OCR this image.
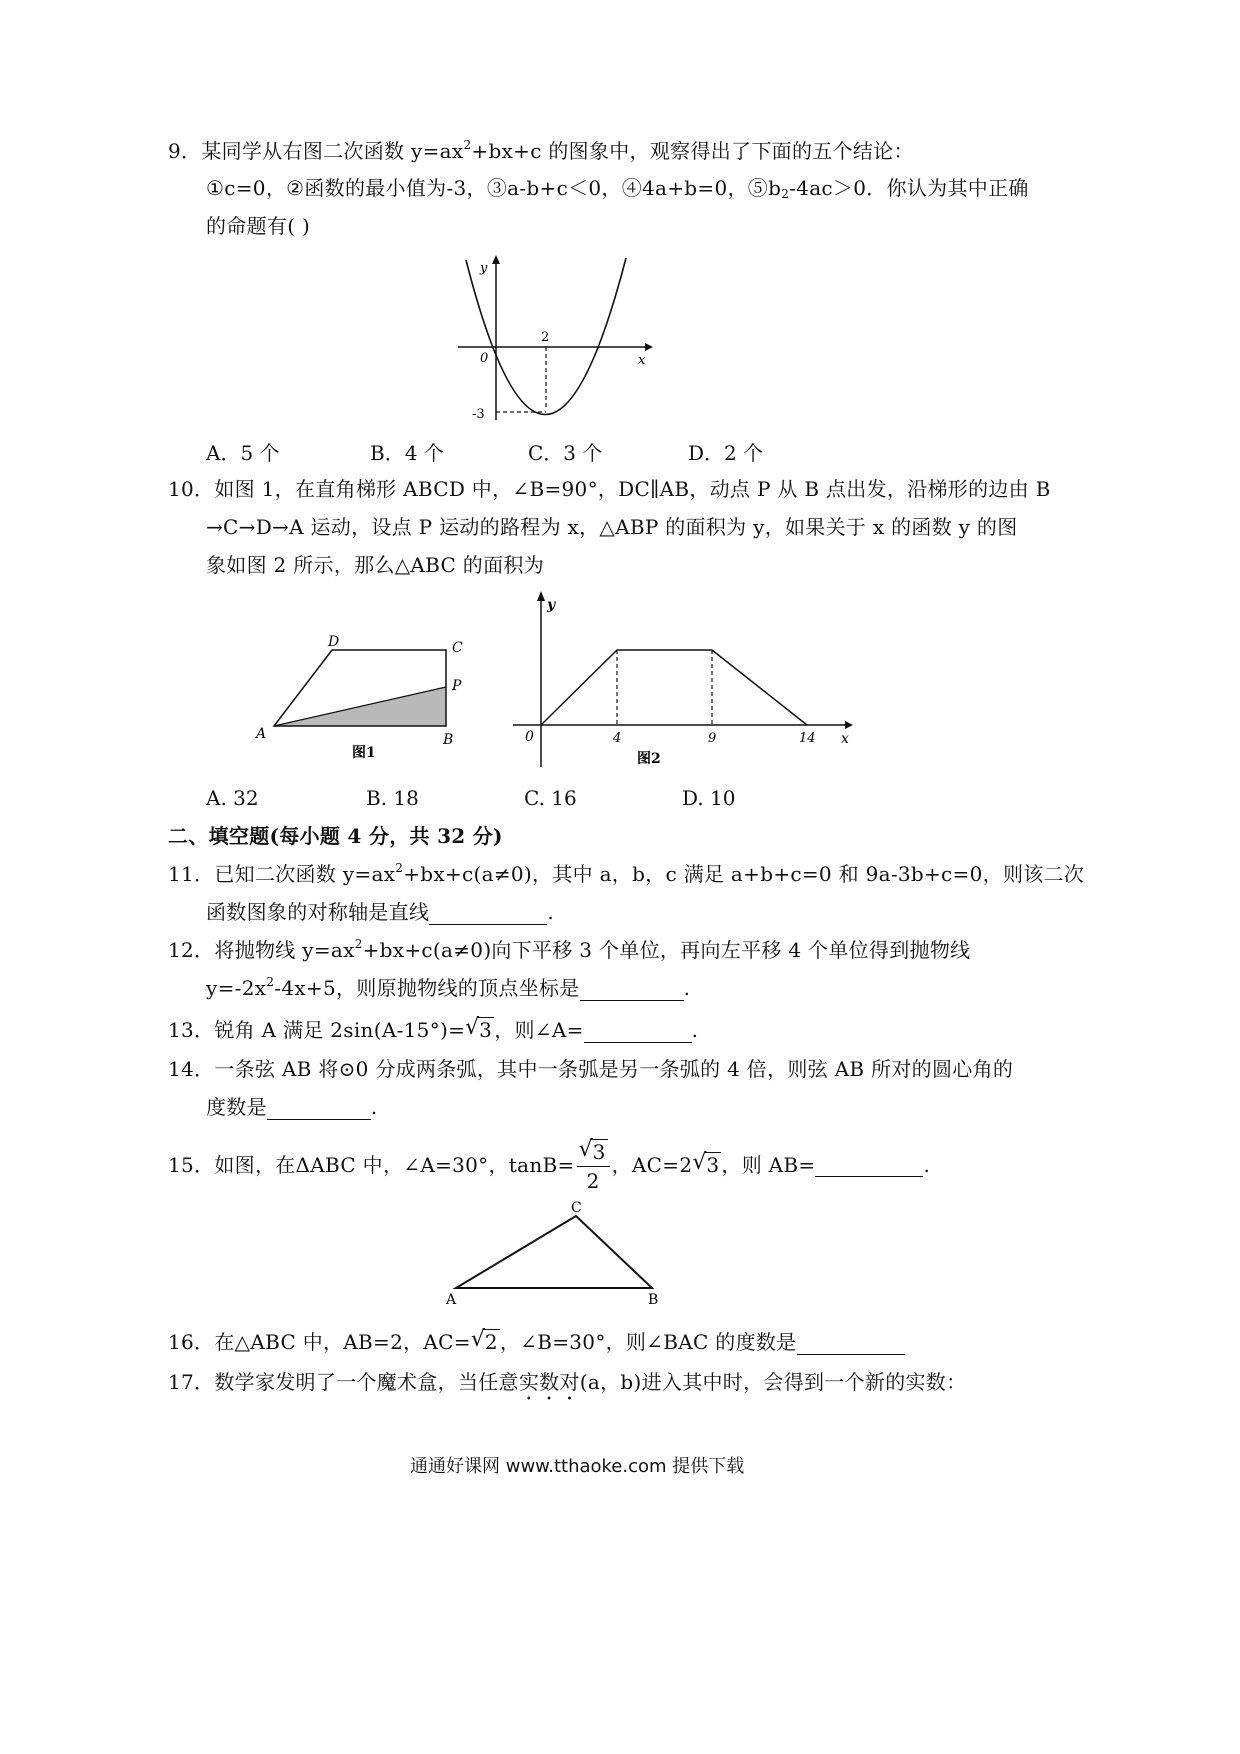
9．某同学从右图二次函数 $y=ax^2+bx+c$ 的图象中，观察得出了下面的五个结论：
①c=0，②函数的最小值为-3，③a-b+c＜0，④4a+b=0，$⑤b_2-4ac>0$．你认为其中正确
的命题有( )
y
x
0
2
-3
A．5 个	B．4 个	C．3 个	D．2 个
10．如图 1，在直角梯形 ABCD 中，∠B=90°，DC∥AB，动点 P 从 B 点出发，沿梯形的边由 B
→C→D→A 运动，设点 P 运动的路程为 x，△ABP 的面积为 y，如果关于 x 的函数 y 的图
象如图 2 所示，那么△ABC 的面积为
A	B
C
D
P
图1
y
x
0	4	9	14
图2
A. 32	B. 18	C. 16	D. 10
二、填空题(每小题 4 分，共 32 分)
11．已知二次函数 $y=ax^2+bx+c(a\ne 0)$，其中 a，b，c 满足 a+b+c=0 和 9a-3b+c=0，则该二次
函数图象的对称轴是直线	.
12．将抛物线 $y=ax^2+bx+c(a\ne 0)$向下平移 3 个单位，再向左平移 4 个单位得到抛物线
$y=-2x^2-4x+5$，则原抛物线的顶点坐标是	.
13．锐角 A 满足 2sin(A-15°)= √ 3 ，则∠A=	.
14．一条弦 AB 将⊙0 分成两条弧，其中一条弧是另一条弧的 4 倍，则弦 AB 所对的圆心角的
度数是	.
15．如图，在ΔABC 中，∠A=30°，tanB= √ $\frac{3}{2}$ ，AC=2 √ 3 ，则 AB=	.
A	B
C
16．在△ABC 中，AB=2，AC= √ 2 ，∠B=30°，则∠BAC 的度数是
17．数学家发明了一个魔术盒，当任意实数对(a，b)进入其中时，会得到一个新的实数：
通通好课网 www.tthaoke.com 提供下载
